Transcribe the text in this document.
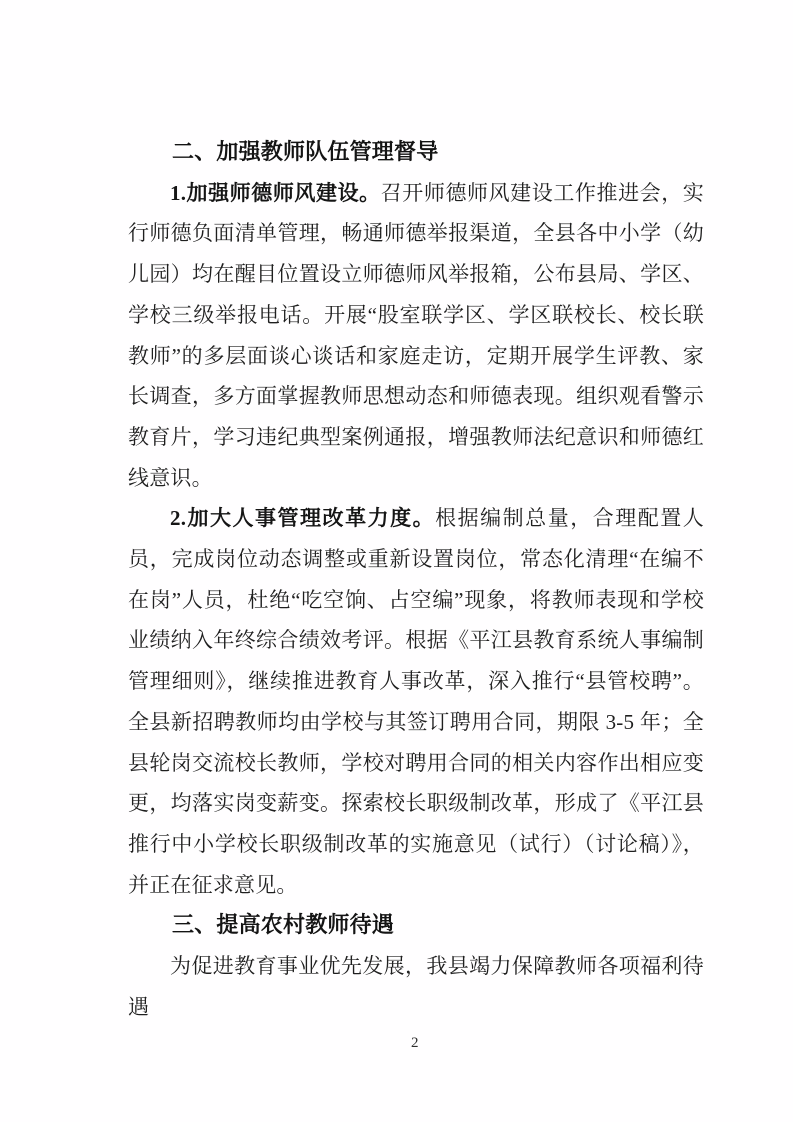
二、加强教师队伍管理督导

1.加强师德师风建设。召开师德师风建设工作推进会，实行师德负面清单管理，畅通师德举报渠道，全县各中小学（幼儿园）均在醒目位置设立师德师风举报箱，公布县局、学区、学校三级举报电话。开展“股室联学区、学区联校长、校长联教师”的多层面谈心谈话和家庭走访，定期开展学生评教、家长调查，多方面掌握教师思想动态和师德表现。组织观看警示教育片，学习违纪典型案例通报，增强教师法纪意识和师德红线意识。

2.加大人事管理改革力度。根据编制总量，合理配置人员，完成岗位动态调整或重新设置岗位，常态化清理“在编不在岗”人员，杜绝“吃空饷、占空编”现象，将教师表现和学校业绩纳入年终综合绩效考评。根据《平江县教育系统人事编制管理细则》，继续推进教育人事改革，深入推行“县管校聘”。全县新招聘教师均由学校与其签订聘用合同，期限 3-5 年；全县轮岗交流校长教师，学校对聘用合同的相关内容作出相应变更，均落实岗变薪变。探索校长职级制改革，形成了《平江县推行中小学校长职级制改革的实施意见（试行）（讨论稿）》，并正在征求意见。

三、提高农村教师待遇

为促进教育事业优先发展，我县竭力保障教师各项福利待遇

2
